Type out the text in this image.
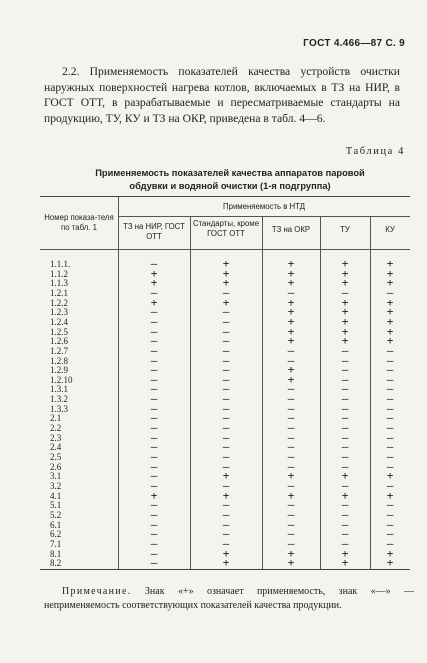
ГОСТ 4.466—87 С. 9
2.2. Применяемость показателей качества устройств очистки наружных поверхностей нагрева котлов, включаемых в ТЗ на НИР, в ГОСТ ОТТ, в разрабатываемые и пересматриваемые стандарты на продукцию, ТУ, КУ и ТЗ на ОКР, приведена в табл. 4—6.
Таблица 4
Применяемость показателей качества аппаратов паровой обдувки и водяной очистки (1-я подгруппа)
Номер показа-теля по табл. 1
Применяемость в НТД
ТЗ на НИР, ГОСТ ОТТ
Стандарты, кроме ГОСТ ОТТ	ТЗ на ОКР	ТУ	КУ
1.1.1.	—	+	+	+	+
1.1.2	+	+	+	+	+
1.1.3	+	+	+	+	+
1.2.1	—	—	—	—	—
1.2.2	+	+	+	+	+
1.2.3	—	—	+	+	+
1.2.4	—	—	+	+	+
1.2.5	—	—	+	+	+
1.2.6	—	—	+	+	+
1.2.7	—	—	—	—	—
1.2.8	—	—	—	—	—
1.2.9	—	—	+	—	—
1.2.10	—	—	+	—	—
1.3.1	—	—	—	—	—
1.3.2	—	—	—	—	—
1.3.3	—	—	—	—	—
2.1	—	—	—	—	—
2.2	—	—	—	—	—
2.3	—	—	—	—	—
2.4	—	—	—	—	—
2.5	—	—	—	—	—
2.6	—	—	—	—	—
3.1	—	+	+	+	+
3.2	—	—	—	—	—
4.1	+	+	+	+	+
5.1	—	—	—	—	—
5.2	—	—	—	—	—
6.1	—	—	—	—	—
6.2	—	—	—	—	—
7.1	—	—	—	—	—
8.1	—	+	+	+	+
8.2	—	+	+	+	+
Примечание. Знак «+» означает применяемость, знак «—» — неприменяемость соответствующих показателей качества продукции.
